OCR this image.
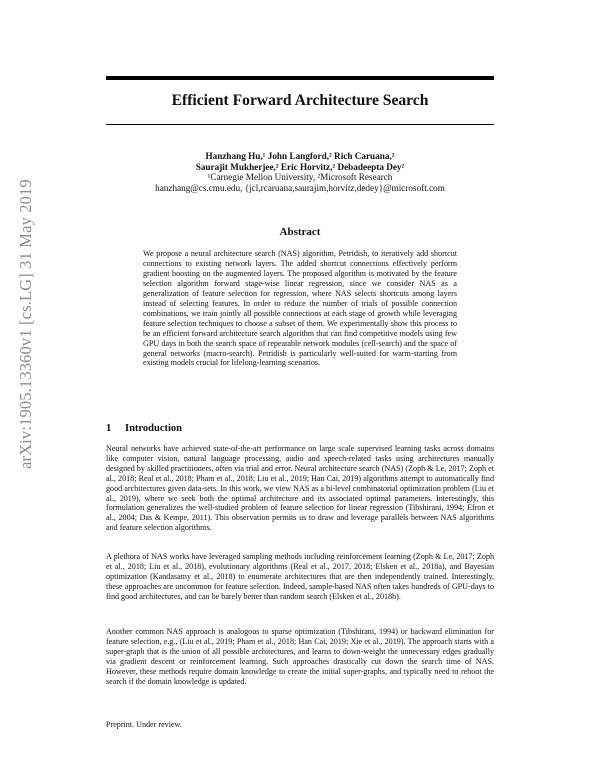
arXiv:1905.13360v1 [cs.LG] 31 May 2019
Efficient Forward Architecture Search
Hanzhang Hu,¹ John Langford,² Rich Caruana,²
Saurajit Mukherjee,² Eric Horvitz,² Debadeepta Dey²
¹Carnegie Mellon University, ²Microsoft Research
hanzhang@cs.cmu.edu, {jcl,rcaruana,saurajim,horvitz,dedey}@microsoft.com
Abstract
We propose a neural architecture search (NAS) algorithm, Petridish, to iteratively add shortcut connections to existing network layers. The added shortcut connections effectively perform gradient boosting on the augmented layers. The proposed algorithm is motivated by the feature selection algorithm forward stage-wise linear regression, since we consider NAS as a generalization of feature selection for regression, where NAS selects shortcuts among layers instead of selecting features. In order to reduce the number of trials of possible connection combinations, we train jointly all possible connections at each stage of growth while leveraging feature selection techniques to choose a subset of them. We experimentally show this process to be an efficient forward architecture search algorithm that can find competitive models using few GPU days in both the search space of repeatable network modules (cell-search) and the space of general networks (macro-search). Petridish is particularly well-suited for warm-starting from existing models crucial for lifelong-learning scenarios.
1 Introduction
Neural networks have achieved state-of-the-art performance on large scale supervised learning tasks across domains like computer vision, natural language processing, audio and speech-related tasks using architectures manually designed by skilled practitioners, often via trial and error. Neural architecture search (NAS) (Zoph & Le, 2017; Zoph et al., 2018; Real et al., 2018; Pham et al., 2018; Liu et al., 2019; Han Cai, 2019) algorithms attempt to automatically find good architectures given data-sets. In this work, we view NAS as a bi-level combinatorial optimization problem (Liu et al., 2019), where we seek both the optimal architecture and its associated optimal parameters. Interestingly, this formulation generalizes the well-studied problem of feature selection for linear regression (Tibshirani, 1994; Efron et al., 2004; Das & Kempe, 2011). This observation permits us to draw and leverage parallels between NAS algorithms and feature selection algorithms.
A plethora of NAS works have leveraged sampling methods including reinforcement learning (Zoph & Le, 2017; Zoph et al., 2018; Liu et al., 2018), evolutionary algorithms (Real et al., 2017, 2018; Elsken et al., 2018a), and Bayesian optimization (Kandasamy et al., 2018) to enumerate architectures that are then independently trained. Interestingly, these approaches are uncommon for feature selection. Indeed, sample-based NAS often takes hundreds of GPU-days to find good architectures, and can be barely better than random search (Elsken et al., 2018b).
Another common NAS approach is analogous to sparse optimization (Tibshirani, 1994) or backward elimination for feature selection, e.g., (Liu et al., 2019; Pham et al., 2018; Han Cai, 2019; Xie et al., 2019). The approach starts with a super-graph that is the union of all possible architectures, and learns to down-weight the unnecessary edges gradually via gradient descent or reinforcement learning. Such approaches drastically cut down the search time of NAS. However, these methods require domain knowledge to create the initial super-graphs, and typically need to reboot the search if the domain knowledge is updated.
Preprint. Under review.
